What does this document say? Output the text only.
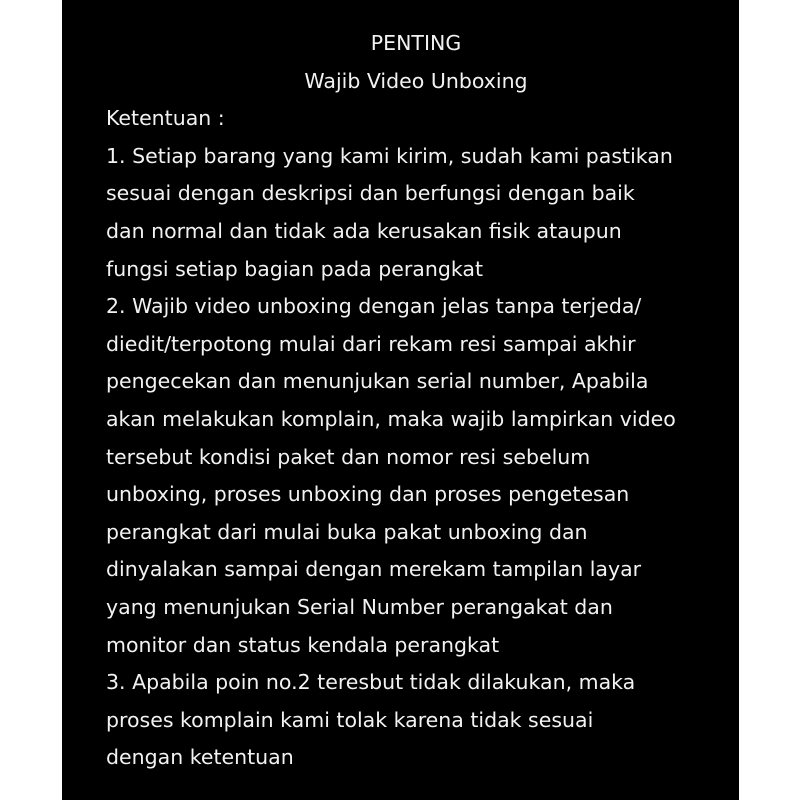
PENTING
Wajib Video Unboxing
Ketentuan :
1. Setiap barang yang kami kirim, sudah kami pastikan
sesuai dengan deskripsi dan berfungsi dengan baik
dan normal dan tidak ada kerusakan fisik ataupun
fungsi setiap bagian pada perangkat
2. Wajib video unboxing dengan jelas tanpa terjeda/
diedit/terpotong mulai dari rekam resi sampai akhir
pengecekan dan menunjukan serial number, Apabila
akan melakukan komplain, maka wajib lampirkan video
tersebut kondisi paket dan nomor resi sebelum
unboxing, proses unboxing dan proses pengetesan
perangkat dari mulai buka pakat unboxing dan
dinyalakan sampai dengan merekam tampilan layar
yang menunjukan Serial Number perangakat dan
monitor dan status kendala perangkat
3. Apabila poin no.2 teresbut tidak dilakukan, maka
proses komplain kami tolak karena tidak sesuai
dengan ketentuan
